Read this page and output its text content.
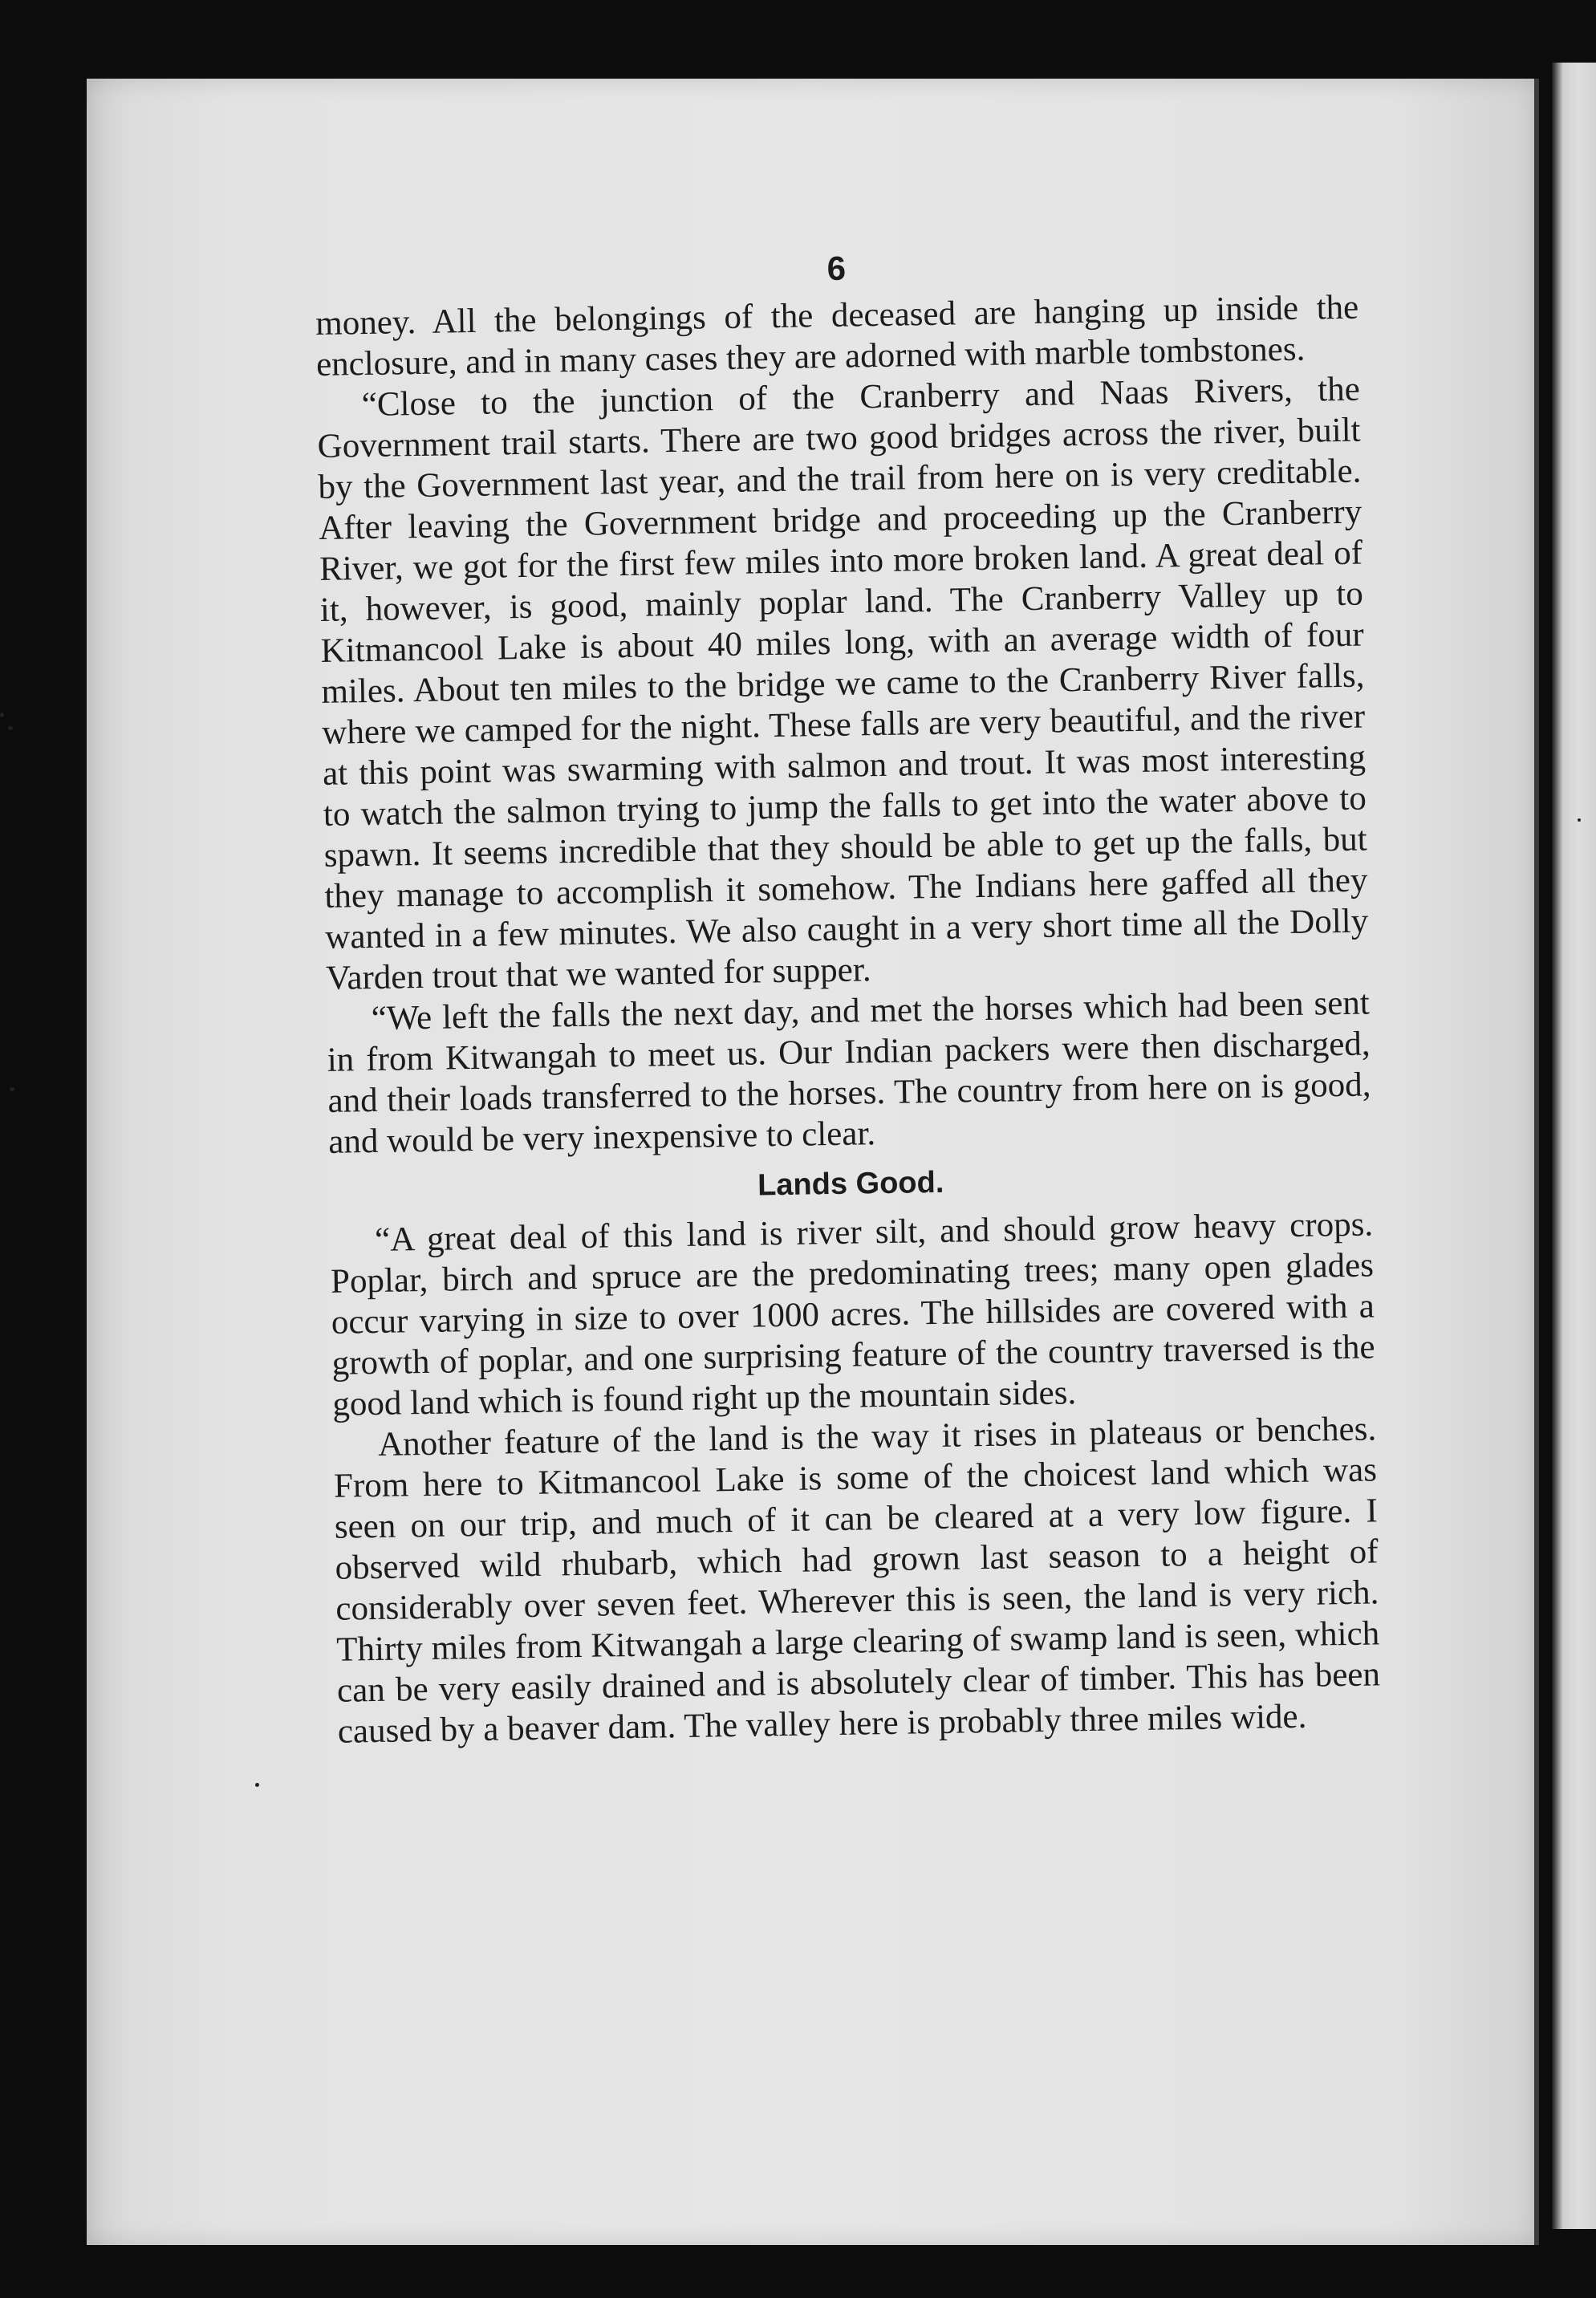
6

money. All the belongings of the deceased are hanging up inside the enclosure, and in many cases they are adorned with marble tombstones.

“Close to the junction of the Cranberry and Naas Rivers, the Government trail starts. There are two good bridges across the river, built by the Government last year, and the trail from here on is very creditable. After leaving the Government bridge and proceeding up the Cranberry River, we got for the first few miles into more broken land. A great deal of it, however, is good, mainly poplar land. The Cranberry Valley up to Kitmancool Lake is about 40 miles long, with an average width of four miles. About ten miles to the bridge we came to the Cranberry River falls, where we camped for the night. These falls are very beautiful, and the river at this point was swarming with salmon and trout. It was most interesting to watch the salmon trying to jump the falls to get into the water above to spawn. It seems incredible that they should be able to get up the falls, but they manage to accomplish it somehow. The Indians here gaffed all they wanted in a few minutes. We also caught in a very short time all the Dolly Varden trout that we wanted for supper.

“We left the falls the next day, and met the horses which had been sent in from Kitwangah to meet us. Our Indian packers were then discharged, and their loads transferred to the horses. The country from here on is good, and would be very inexpensive to clear.

Lands Good.

“A great deal of this land is river silt, and should grow heavy crops. Poplar, birch and spruce are the predominating trees; many open glades occur varying in size to over 1000 acres. The hillsides are covered with a growth of poplar, and one surprising feature of the country traversed is the good land which is found right up the mountain sides.

Another feature of the land is the way it rises in plateaus or benches. From here to Kitmancool Lake is some of the choicest land which was seen on our trip, and much of it can be cleared at a very low figure. I observed wild rhubarb, which had grown last season to a height of considerably over seven feet. Wherever this is seen, the land is very rich. Thirty miles from Kitwangah a large clearing of swamp land is seen, which can be very easily drained and is absolutely clear of timber. This has been caused by a beaver dam. The valley here is probably three miles wide.
